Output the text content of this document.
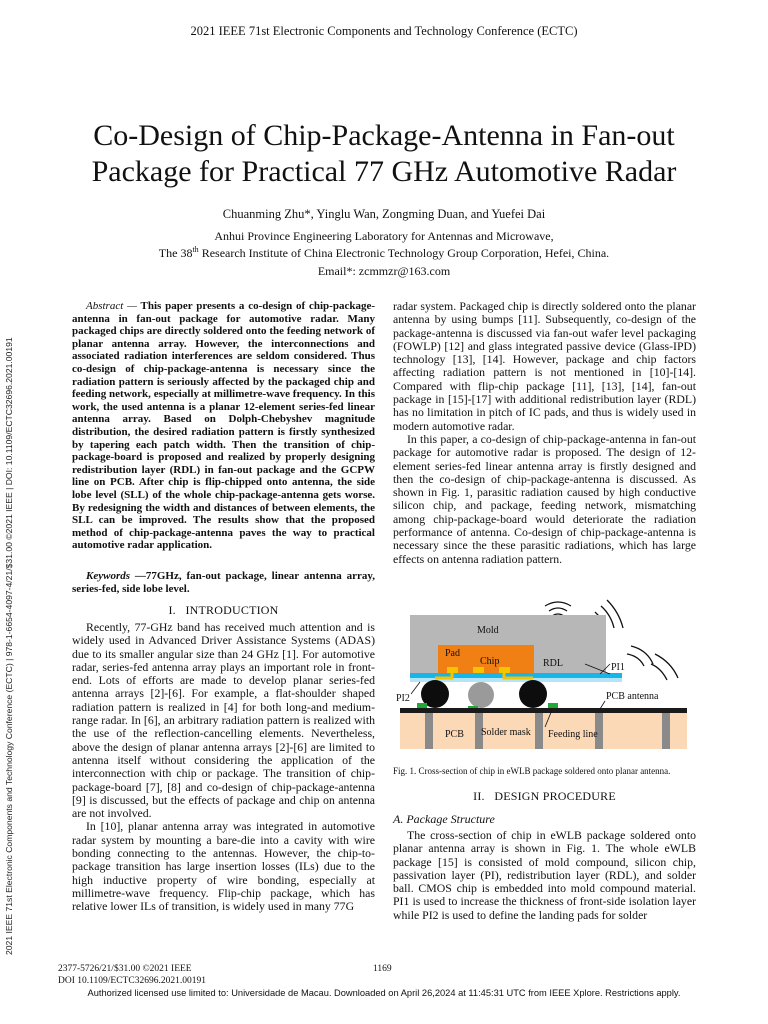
2021 IEEE 71st Electronic Components and Technology Conference (ECTC)
Co-Design of Chip-Package-Antenna in Fan-out
Package for Practical 77 GHz Automotive Radar
Chuanming Zhu*, Yinglu Wan, Zongming Duan, and Yuefei Dai
Anhui Province Engineering Laboratory for Antennas and Microwave,
The 38th Research Institute of China Electronic Technology Group Corporation, Hefei, China.
Email*: zcmmzr@163.com
2021 IEEE 71st Electronic Components and Technology Conference (ECTC) | 978-1-6654-4097-4/21/$31.00 ©2021 IEEE | DOI: 10.1109/ECTC32696.2021.00191

Abstract — This paper presents a co-design of chip-package-antenna in fan-out package for automotive radar. Many packaged chips are directly soldered onto the feeding network of planar antenna array. However, the interconnections and associated radiation interferences are seldom considered. Thus co-design of chip-package-antenna is necessary since the radiation pattern is seriously affected by the packaged chip and feeding network, especially at millimetre-wave frequency. In this work, the used antenna is a planar 12-element series-fed linear antenna array. Based on Dolph-Chebyshev magnitude distribution, the desired radiation pattern is firstly synthesized by tapering each patch width. Then the transition of chip-package-board is proposed and realized by properly designing redistribution layer (RDL) in fan-out package and the GCPW line on PCB. After chip is flip-chipped onto antenna, the side lobe level (SLL) of the whole chip-package-antenna gets worse. By redesigning the width and distances of between elements, the SLL can be improved. The results show that the proposed method of chip-package-antenna paves the way to practical automotive radar application.

Keywords —77GHz, fan-out package, linear antenna array, series-fed, side lobe level.

I. INTRODUCTION

Recently, 77-GHz band has received much attention and is widely used in Advanced Driver Assistance Systems (ADAS) due to its smaller angular size than 24 GHz [1]. For automotive radar, series-fed antenna array plays an important role in front-end. Lots of efforts are made to develop planar series-fed antenna arrays [2]-[6]. For example, a flat-shoulder shaped radiation pattern is realized in [4] for both long-and medium-range radar. In [6], an arbitrary radiation pattern is realized with the use of the reflection-cancelling elements. Nevertheless, above the design of planar antenna arrays [2]-[6] are limited to antenna itself without considering the application of the interconnection with chip or package. The transition of chip-package-board [7], [8] and co-design of chip-package-antenna [9] is discussed, but the effects of package and chip on antenna are not involved.

In [10], planar antenna array was integrated in automotive radar system by mounting a bare-die into a cavity with wire bonding connecting to the antennas. However, the chip-to-package transition has large insertion losses (ILs) due to the high inductive property of wire bonding, especially at millimetre-wave frequency. Flip-chip package, which has relative lower ILs of transition, is widely used in many 77G

radar system. Packaged chip is directly soldered onto the planar antenna by using bumps [11]. Subsequently, co-design of the package-antenna is discussed via fan-out wafer level packaging (FOWLP) [12] and glass integrated passive device (Glass-IPD) technology [13], [14]. However, package and chip factors affecting radiation pattern is not mentioned in [10]-[14]. Compared with flip-chip package [11], [13], [14], fan-out package in [15]-[17] with additional redistribution layer (RDL) has no limitation in pitch of IC pads, and thus is widely used in modern automotive radar.

In this paper, a co-design of chip-package-antenna in fan-out package for automotive radar is proposed. The design of 12-element series-fed linear antenna array is firstly designed and then the co-design of chip-package-antenna is discussed. As shown in Fig. 1, parasitic radiation caused by high conductive silicon chip, and package, feeding network, mismatching among chip-package-board would deteriorate the radiation performance of antenna. Co-design of chip-package-antenna is necessary since the these parasitic radiations, which has large effects on antenna radiation pattern.

Mold
Pad
Chip	RDL	PI1
PI2	PCB antenna
PCB Solder mask Feeding line
Fig. 1. Cross-section of chip in eWLB package soldered onto planar antenna.
II. DESIGN PROCEDURE
A. Package Structure

The cross-section of chip in eWLB package soldered onto planar antenna array is shown in Fig. 1. The whole eWLB package [15] is consisted of mold compound, silicon chip, passivation layer (PI), redistribution layer (RDL), and solder ball. CMOS chip is embedded into mold compound material. PI1 is used to increase the thickness of front-side isolation layer while PI2 is used to define the landing pads for solder

2377-5726/21/$31.00 ©2021 IEEE	1169
DOI 10.1109/ECTC32696.2021.00191
Authorized licensed use limited to: Universidade de Macau. Downloaded on April 26,2024 at 11:45:31 UTC from IEEE Xplore. Restrictions apply.
